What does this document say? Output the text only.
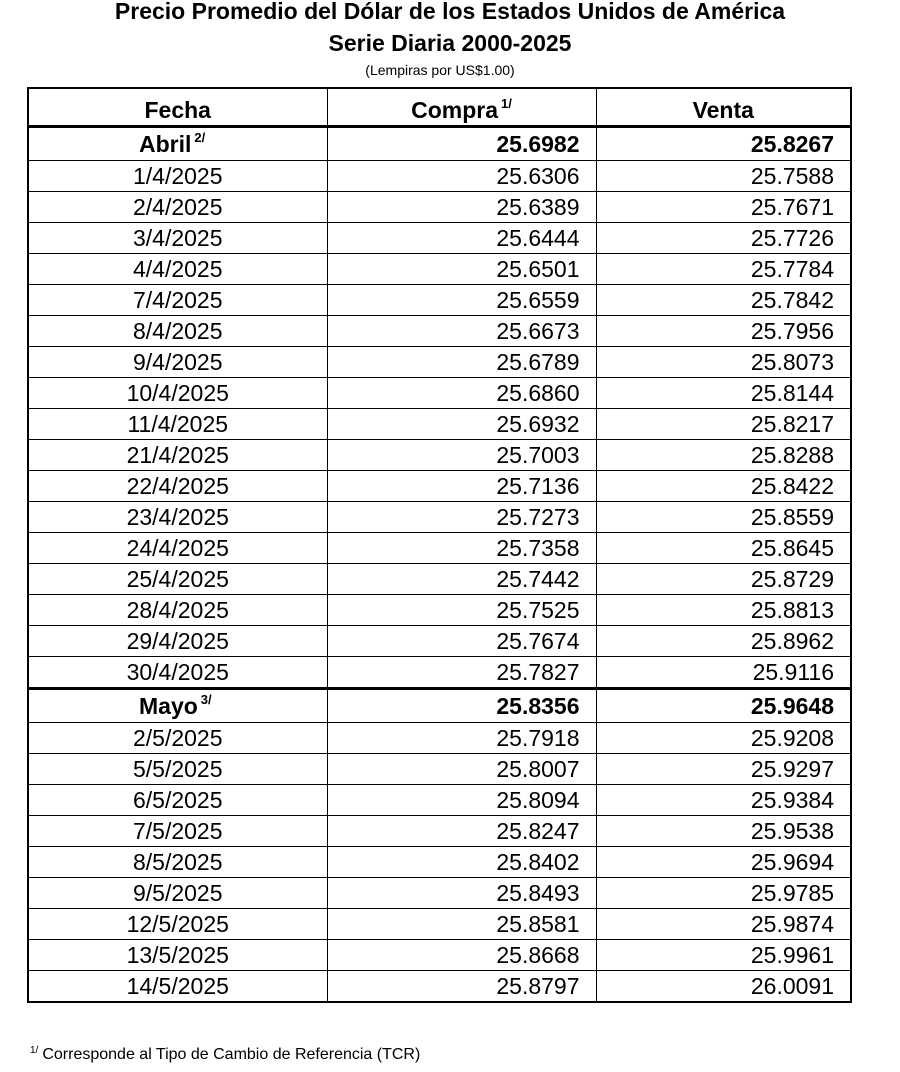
Precio Promedio del Dólar de los Estados Unidos de América
Serie Diaria 2000-2025
(Lempiras por US$1.00)
Fecha	Compra $^{1/}$	Venta
Abril $^{2/}$	25.6982	25.8267
1/4/2025	25.6306	25.7588
2/4/2025	25.6389	25.7671
3/4/2025	25.6444	25.7726
4/4/2025	25.6501	25.7784
7/4/2025	25.6559	25.7842
8/4/2025	25.6673	25.7956
9/4/2025	25.6789	25.8073
10/4/2025	25.6860	25.8144
11/4/2025	25.6932	25.8217
21/4/2025	25.7003	25.8288
22/4/2025	25.7136	25.8422
23/4/2025	25.7273	25.8559
24/4/2025	25.7358	25.8645
25/4/2025	25.7442	25.8729
28/4/2025	25.7525	25.8813
29/4/2025	25.7674	25.8962
30/4/2025	25.7827	25.9116
Mayo $^{3/}$	25.8356	25.9648
2/5/2025	25.7918	25.9208
5/5/2025	25.8007	25.9297
6/5/2025	25.8094	25.9384
7/5/2025	25.8247	25.9538
8/5/2025	25.8402	25.9694
9/5/2025	25.8493	25.9785
12/5/2025	25.8581	25.9874
13/5/2025	25.8668	25.9961
14/5/2025	25.8797	26.0091
$^{1/}$ Corresponde al Tipo de Cambio de Referencia (TCR)
